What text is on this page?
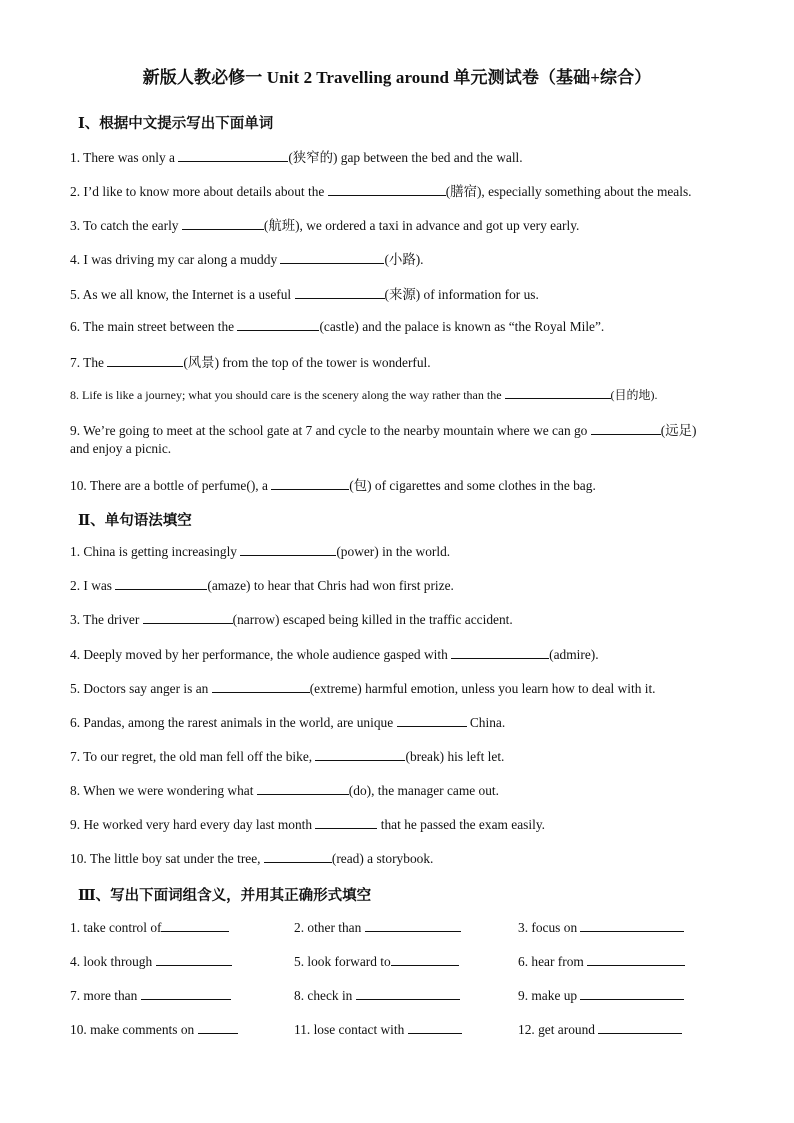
新版人教必修一 Unit 2 Travelling around 单元测试卷（基础+综合）
Ⅰ、根据中文提示写出下面单词
1. There was only a	(狭窄的) gap between the bed and the wall.
2. I’d like to know more about details about the	(膳宿), especially something about the meals.
3. To catch the early	(航班), we ordered a taxi in advance and got up very early.
4. I was driving my car along a muddy	(小路).
5. As we all know, the Internet is a useful	(来源) of information for us.
6. The main street between the	(castle) and the palace is known as “the Royal Mile”.
7. The	(风景) from the top of the tower is wonderful.
8. Life is like a journey; what you should care is the scenery along the way rather than the	(目的地).
9. We’re going to meet at the school gate at 7 and cycle to the nearby mountain where we can go	(远足)
and enjoy a picnic.
10. There are a bottle of perfume(), a	(包) of cigarettes and some clothes in the bag.
Ⅱ、单句语法填空
1. China is getting increasingly	(power) in the world.
2. I was	(amaze) to hear that Chris had won first prize.
3. The driver	(narrow) escaped being killed in the traffic accident.
4. Deeply moved by her performance, the whole audience gasped with	(admire).
5. Doctors say anger is an	(extreme) harmful emotion, unless you learn how to deal with it.
6. Pandas, among the rarest animals in the world, are unique	China.
7. To our regret, the old man fell off the bike,	(break) his left let.
8. When we were wondering what	(do), the manager came out.
9. He worked very hard every day last month	that he passed the exam easily.
10. The little boy sat under the tree,	(read) a storybook.
Ⅲ、写出下面词组含义，并用其正确形式填空
1. take control of	2. other than	3. focus on
4. look through	5. look forward to	6. hear from
7. more than	8. check in	9. make up
10. make comments on	11. lose contact with	12. get around
